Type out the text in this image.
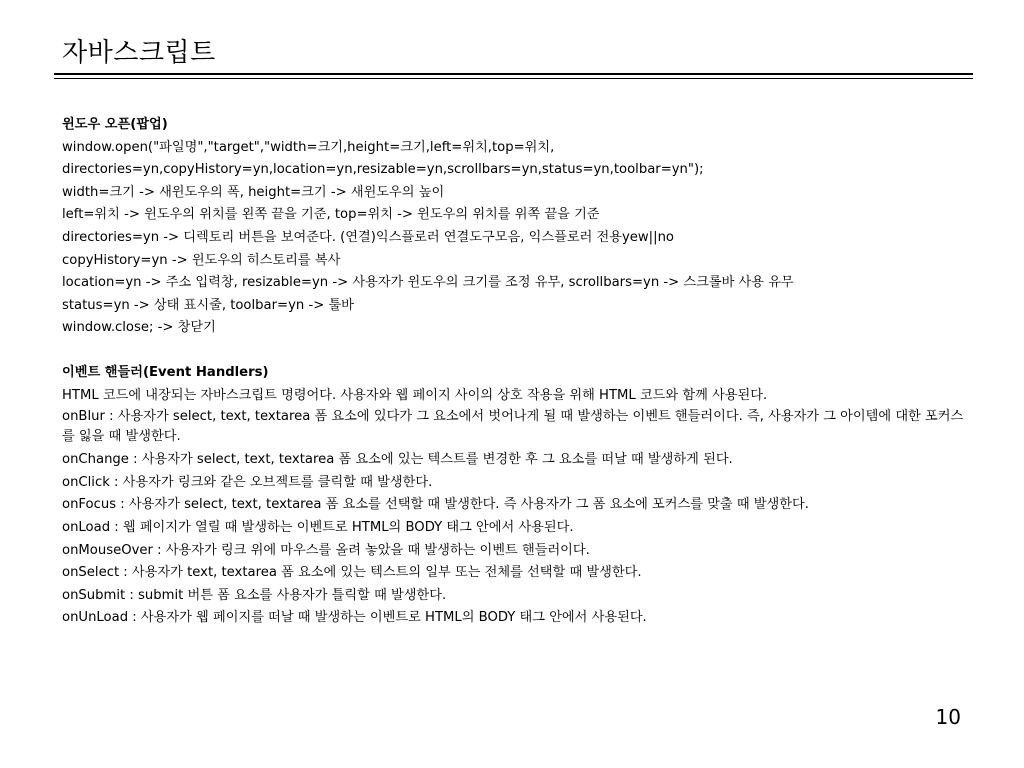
자바스크립트
윈도우 오픈(팝업)
window.open("파일명","target","width=크기,height=크기,left=위치,top=위치,
directories=yn,copyHistory=yn,location=yn,resizable=yn,scrollbars=yn,status=yn,toolbar=yn");
width=크기 -> 새윈도우의 폭, height=크기 -> 새윈도우의 높이
left=위치 -> 윈도우의 위치를 왼쪽 끝을 기준, top=위치 -> 윈도우의 위치를 위쪽 끝을 기준
directories=yn -> 디렉토리 버튼을 보여준다. (연결)익스플로러 연결도구모음, 익스플로러 전용yew||no
copyHistory=yn -> 윈도우의 히스토리를 복사
location=yn -> 주소 입력창, resizable=yn -> 사용자가 윈도우의 크기를 조정 유무, scrollbars=yn -> 스크롤바 사용 유무
status=yn -> 상태 표시줄, toolbar=yn -> 툴바
window.close; -> 창닫기
이벤트 핸들러(Event Handlers)
HTML 코드에 내장되는 자바스크립트 명령어다. 사용자와 웹 페이지 사이의 상호 작용을 위해 HTML 코드와 함께 사용된다.
onBlur : 사용자가 select, text, textarea 폼 요소에 있다가 그 요소에서 벗어나게 될 때 발생하는 이벤트 핸들러이다. 즉, 사용자가 그 아이템에 대한 포커스를 잃을 때 발생한다.
onChange : 사용자가 select, text, textarea 폼 요소에 있는 텍스트를 변경한 후 그 요소를 떠날 때 발생하게 된다.
onClick : 사용자가 링크와 같은 오브젝트를 클릭할 때 발생한다.
onFocus : 사용자가 select, text, textarea 폼 요소를 선택할 때 발생한다. 즉 사용자가 그 폼 요소에 포커스를 맞출 때 발생한다.
onLoad : 웹 페이지가 열릴 때 발생하는 이벤트로 HTML의 BODY 태그 안에서 사용된다.
onMouseOver : 사용자가 링크 위에 마우스를 올려 놓았을 때 발생하는 이벤트 핸들러이다.
onSelect : 사용자가 text, textarea 폼 요소에 있는 텍스트의 일부 또는 전체를 선택할 때 발생한다.
onSubmit : submit 버튼 폼 요소를 사용자가 틀릭할 때 발생한다.
onUnLoad : 사용자가 웹 페이지를 떠날 때 발생하는 이벤트로 HTML의 BODY 태그 안에서 사용된다.
10
